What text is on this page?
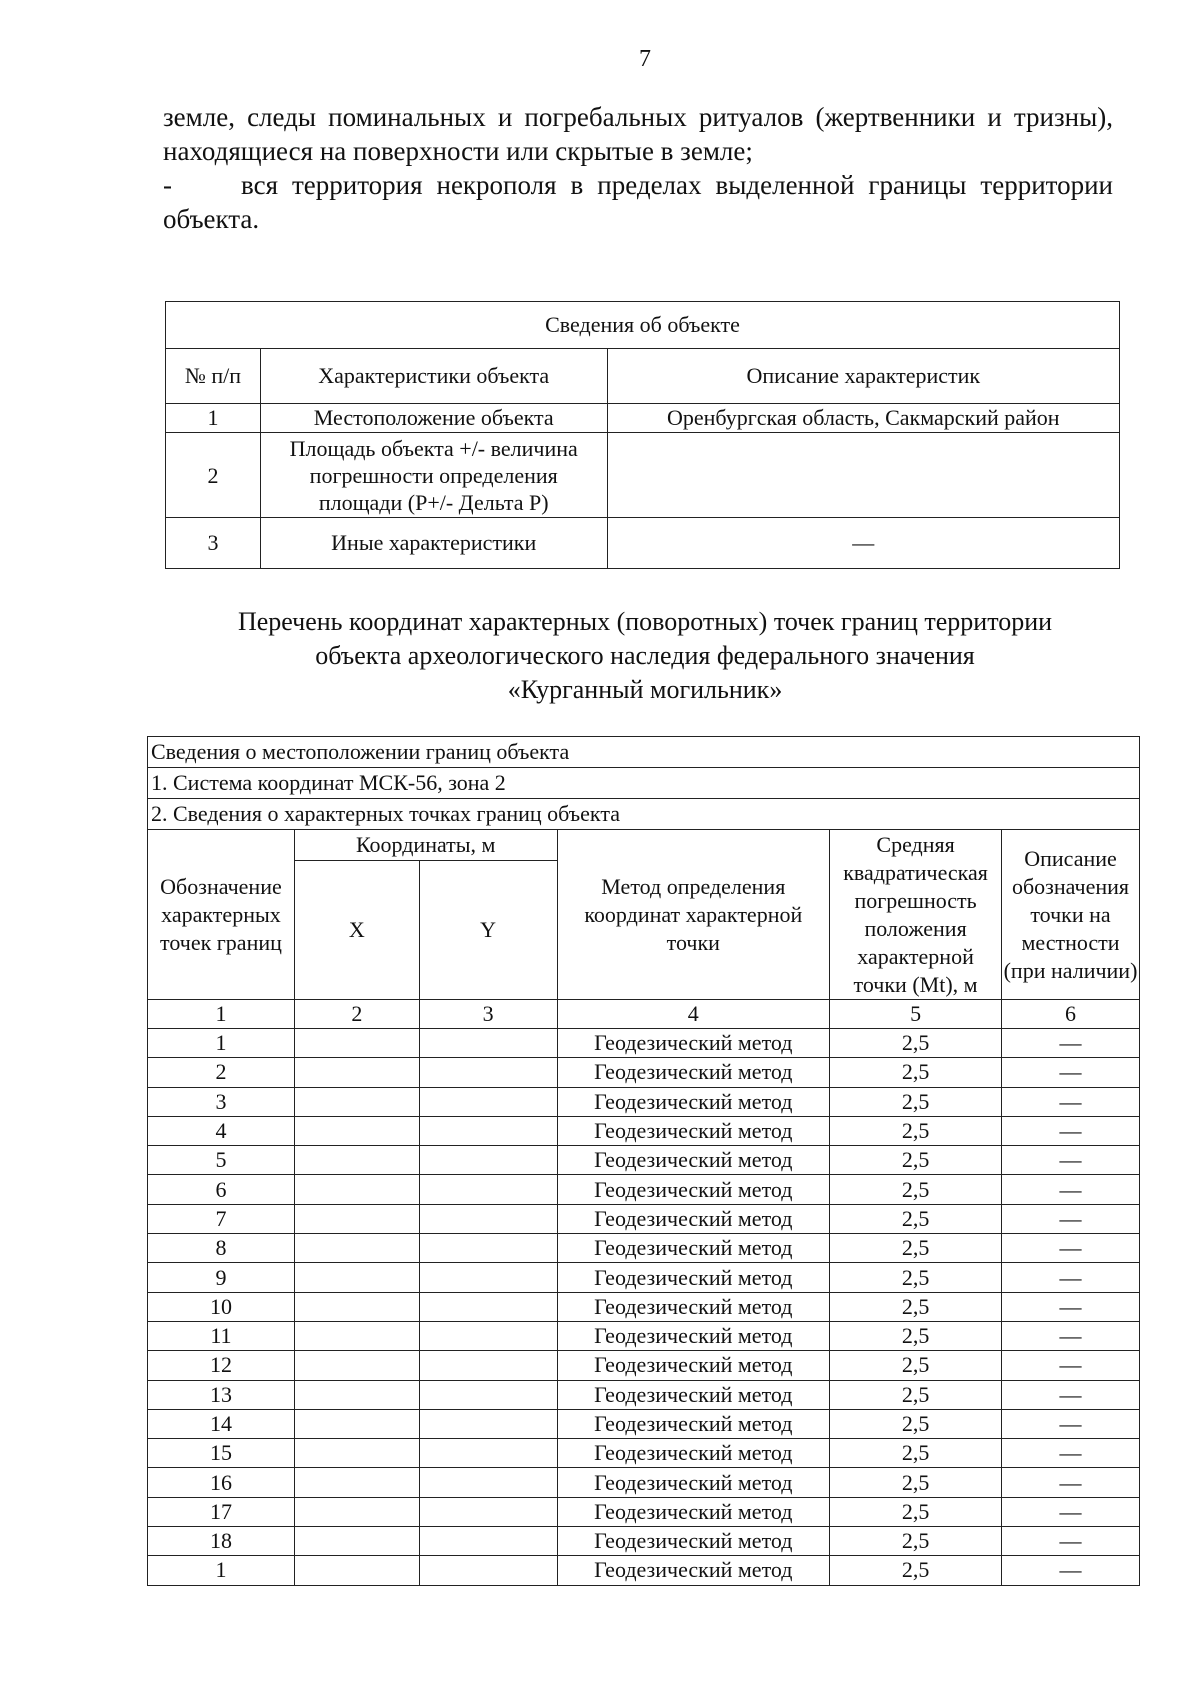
7

земле, следы поминальных и погребальных ритуалов (жертвенники и тризны), находящиеся на поверхности или скрытые в земле;

-	вся территория некрополя в пределах выделенной границы территории

объекта.

Сведения об объекте		
№ п/п	Характеристики объекта	Описание характеристик
1	Местоположение объекта	Оренбургская область, Сакмарский район
2	Площадь объекта +/- величина погрешности определения площади (Р+/- Дельта Р)	
3	Иные характеристики	—
Перечень координат характерных (поворотных) точек границ территории
объекта археологического наследия федерального значения
«Курганный могильник»
Сведения о местоположении границ объекта					
1. Система координат МСК-56, зона 2					
2. Сведения о характерных точках границ объекта					
Обозначение характерных точек границ	Координаты, м		Метод определения координат характерной точки	Средняя квадратическая погрешность положения характерной точки (Mt), м	Описание обозначения точки на местности (при наличии)
	X	Y			
1	2	3	4	5	6
1			Геодезический метод	2,5	—
2			Геодезический метод	2,5	—
3			Геодезический метод	2,5	—
4			Геодезический метод	2,5	—
5			Геодезический метод	2,5	—
6			Геодезический метод	2,5	—
7			Геодезический метод	2,5	—
8			Геодезический метод	2,5	—
9			Геодезический метод	2,5	—
10			Геодезический метод	2,5	—
11			Геодезический метод	2,5	—
12			Геодезический метод	2,5	—
13			Геодезический метод	2,5	—
14			Геодезический метод	2,5	—
15			Геодезический метод	2,5	—
16			Геодезический метод	2,5	—
17			Геодезический метод	2,5	—
18			Геодезический метод	2,5	—
1			Геодезический метод	2,5	—
